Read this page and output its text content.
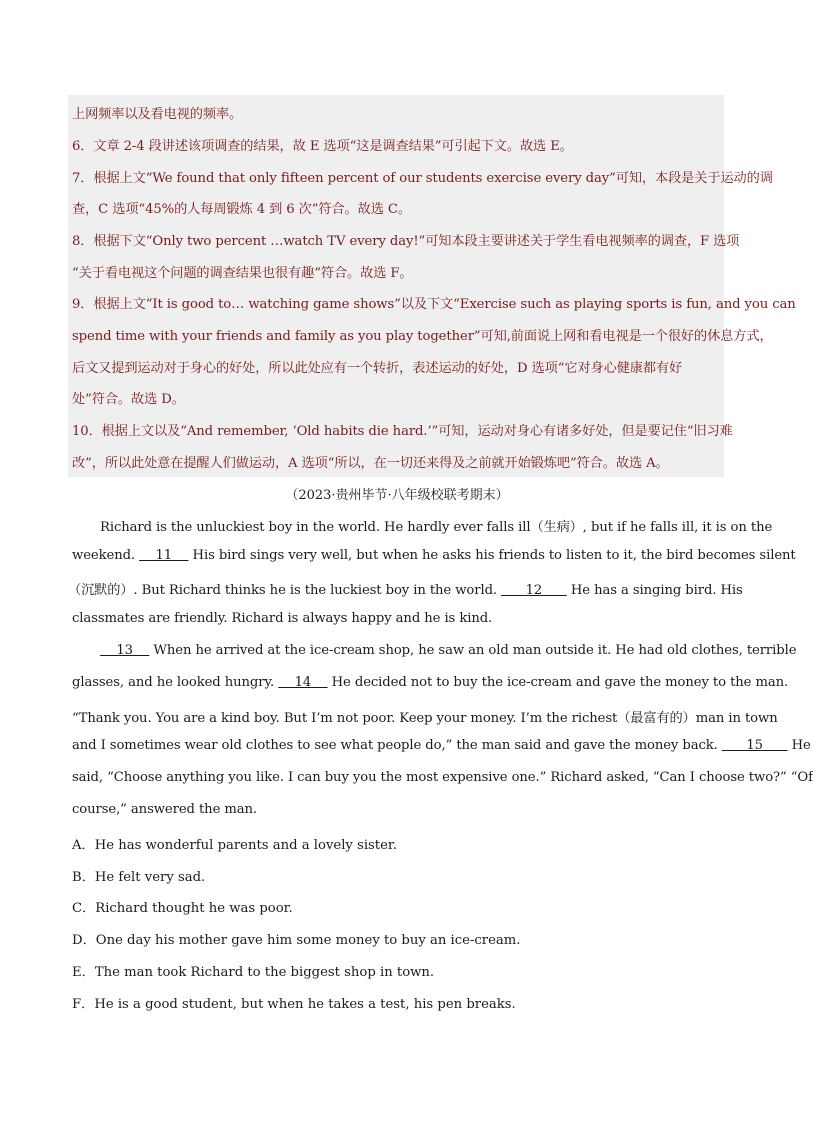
上网频率以及看电视的频率。
6．文章 2-4 段讲述该项调查的结果，故 E 选项“这是调查结果”可引起下文。故选 E。
7．根据上文“We found that only fifteen percent of our students exercise every day”可知，本段是关于运动的调
查，C 选项“45%的人每周锻炼 4 到 6 次”符合。故选 C。
8．根据下文“Only two percent …watch TV every day!”可知本段主要讲述关于学生看电视频率的调查，F 选项
“关于看电视这个问题的调查结果也很有趣”符合。故选 F。
9．根据上文“It is good to… watching game shows”以及下文“Exercise such as playing sports is fun, and you can
spend time with your friends and family as you play together”可知,前面说上网和看电视是一个很好的休息方式，
后文又提到运动对于身心的好处，所以此处应有一个转折，表述运动的好处，D 选项“它对身心健康都有好
处”符合。故选 D。
10．根据上文以及“And remember, ‘Old habits die hard.’”可知，运动对身心有诸多好处，但是要记住“旧习难
改”，所以此处意在提醒人们做运动，A 选项“所以，在一切还来得及之前就开始锻炼吧”符合。故选 A。
（2023·贵州毕节·八年级校联考期末）
Richard is the unluckiest boy in the world. He hardly ever falls ill（生病）, but if he falls ill, it is on the
weekend.     11     His bird sings very well, but when he asks his friends to listen to it, the bird becomes silent
（沉默的）. But Richard thinks he is the luckiest boy in the world.       12       He has a singing bird. His
classmates are friendly. Richard is always happy and he is kind.
13     When he arrived at the ice-cream shop, he saw an old man outside it. He had old clothes, terrible
glasses, and he looked hungry.     14     He decided not to buy the ice-cream and gave the money to the man.
“Thank you. You are a kind boy. But I’m not poor. Keep your money. I’m the richest（最富有的）man in town
and I sometimes wear old clothes to see what people do,” the man said and gave the money back.       15       He
said, “Choose anything you like. I can buy you the most expensive one.” Richard asked, “Can I choose two?” “Of
course,” answered the man.
A．He has wonderful parents and a lovely sister.
B．He felt very sad.
C．Richard thought he was poor.
D．One day his mother gave him some money to buy an ice-cream.
E．The man took Richard to the biggest shop in town.
F．He is a good student, but when he takes a test, his pen breaks.
